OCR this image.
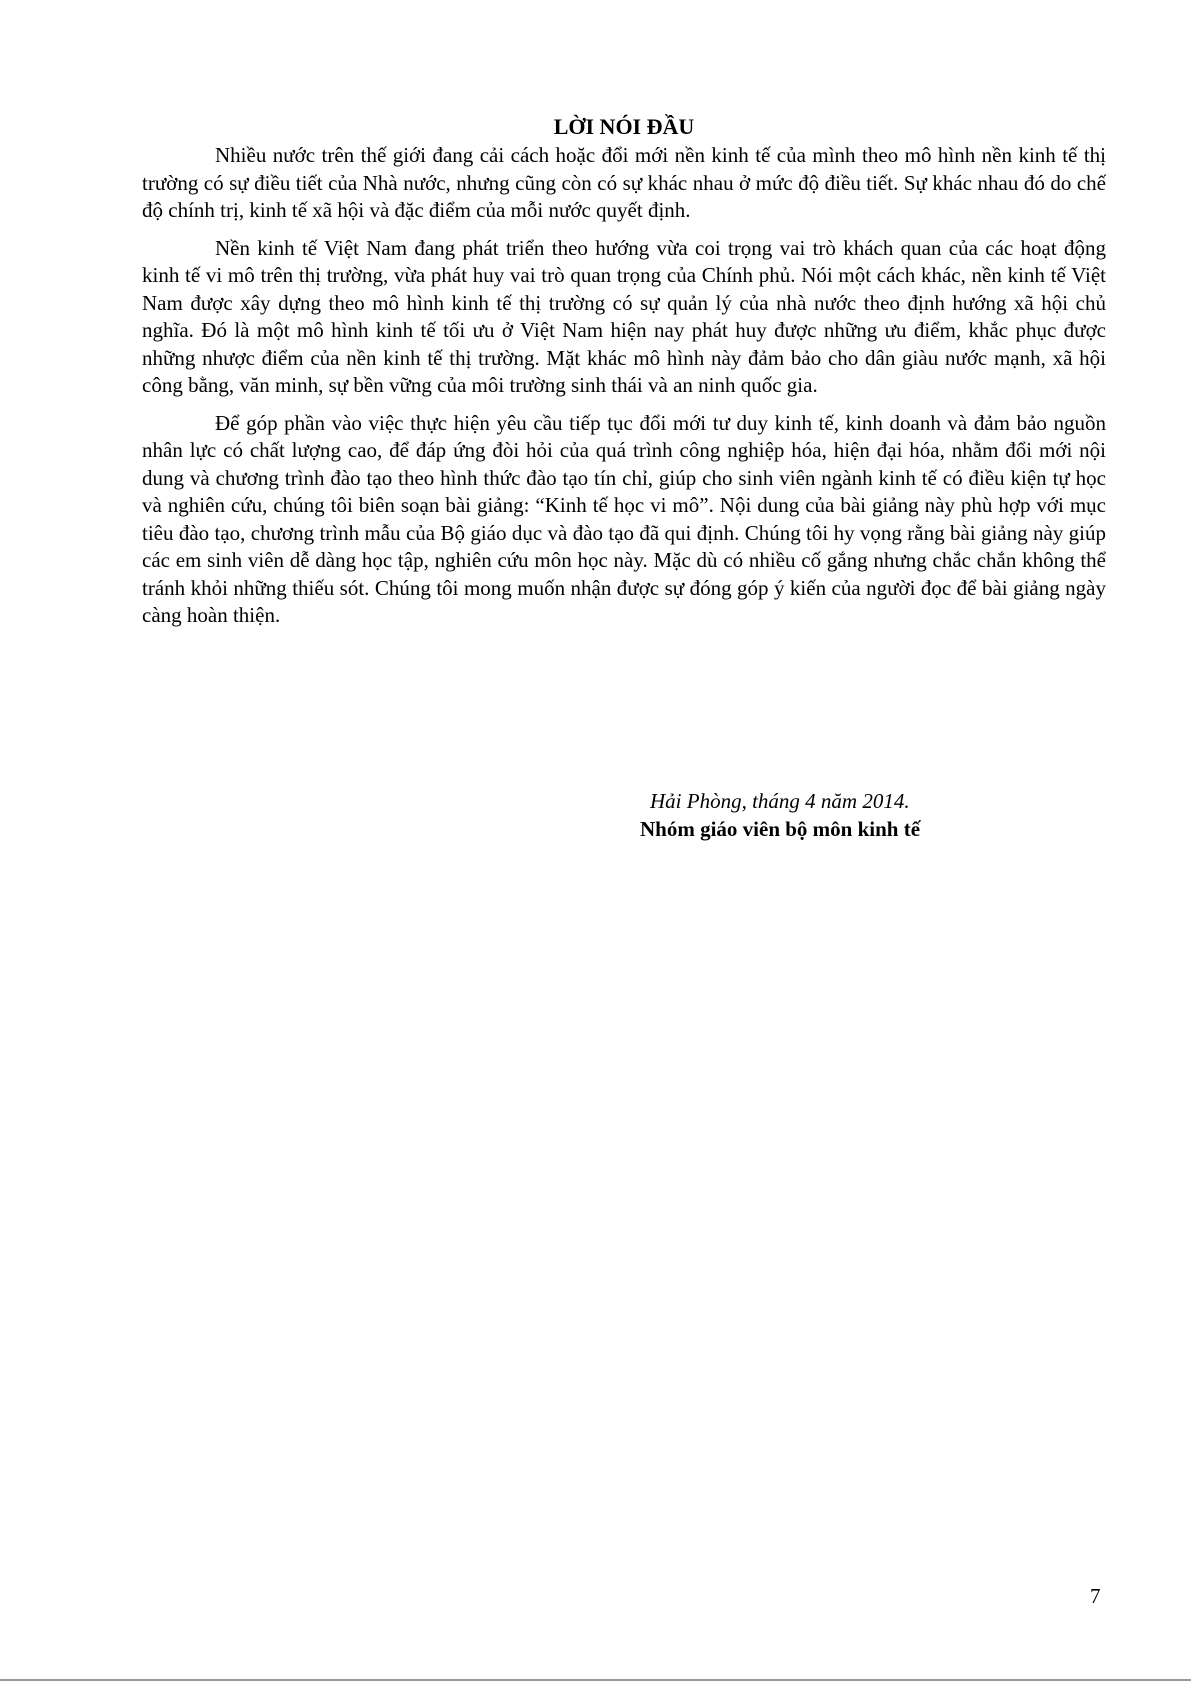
LỜI NÓI ĐẦU

Nhiều nước trên thế giới đang cải cách hoặc đổi mới nền kinh tế của mình theo mô hình nền kinh tế thị trường có sự điều tiết của Nhà nước, nhưng cũng còn có sự khác nhau ở mức độ điều tiết. Sự khác nhau đó do chế độ chính trị, kinh tế xã hội và đặc điểm của mỗi nước quyết định.

Nền kinh tế Việt Nam đang phát triển theo hướng vừa coi trọng vai trò khách quan của các hoạt động kinh tế vi mô trên thị trường, vừa phát huy vai trò quan trọng của Chính phủ. Nói một cách khác, nền kinh tế Việt Nam được xây dựng theo mô hình kinh tế thị trường có sự quản lý của nhà nước theo định hướng xã hội chủ nghĩa. Đó là một mô hình kinh tế tối ưu ở Việt Nam hiện nay phát huy được những ưu điểm, khắc phục được những nhược điểm của nền kinh tế thị trường. Mặt khác mô hình này đảm bảo cho dân giàu nước mạnh, xã hội công bằng, văn minh, sự bền vững của môi trường sinh thái và an ninh quốc gia.

Để góp phần vào việc thực hiện yêu cầu tiếp tục đổi mới tư duy kinh tế, kinh doanh và đảm bảo nguồn nhân lực có chất lượng cao, để đáp ứng đòi hỏi của quá trình công nghiệp hóa, hiện đại hóa, nhằm đổi mới nội dung và chương trình đào tạo theo hình thức đào tạo tín chỉ, giúp cho sinh viên ngành kinh tế có điều kiện tự học và nghiên cứu, chúng tôi biên soạn bài giảng: “Kinh tế học vi mô”. Nội dung của bài giảng này phù hợp với mục tiêu đào tạo, chương trình mẫu của Bộ giáo dục và đào tạo đã qui định. Chúng tôi hy vọng rằng bài giảng này giúp các em sinh viên dễ dàng học tập, nghiên cứu môn học này. Mặc dù có nhiều cố gắng nhưng chắc chắn không thể tránh khỏi những thiếu sót. Chúng tôi mong muốn nhận được sự đóng góp ý kiến của người đọc để bài giảng ngày càng hoàn thiện.

Hải Phòng, tháng 4 năm 2014.
Nhóm giáo viên bộ môn kinh tế
7
